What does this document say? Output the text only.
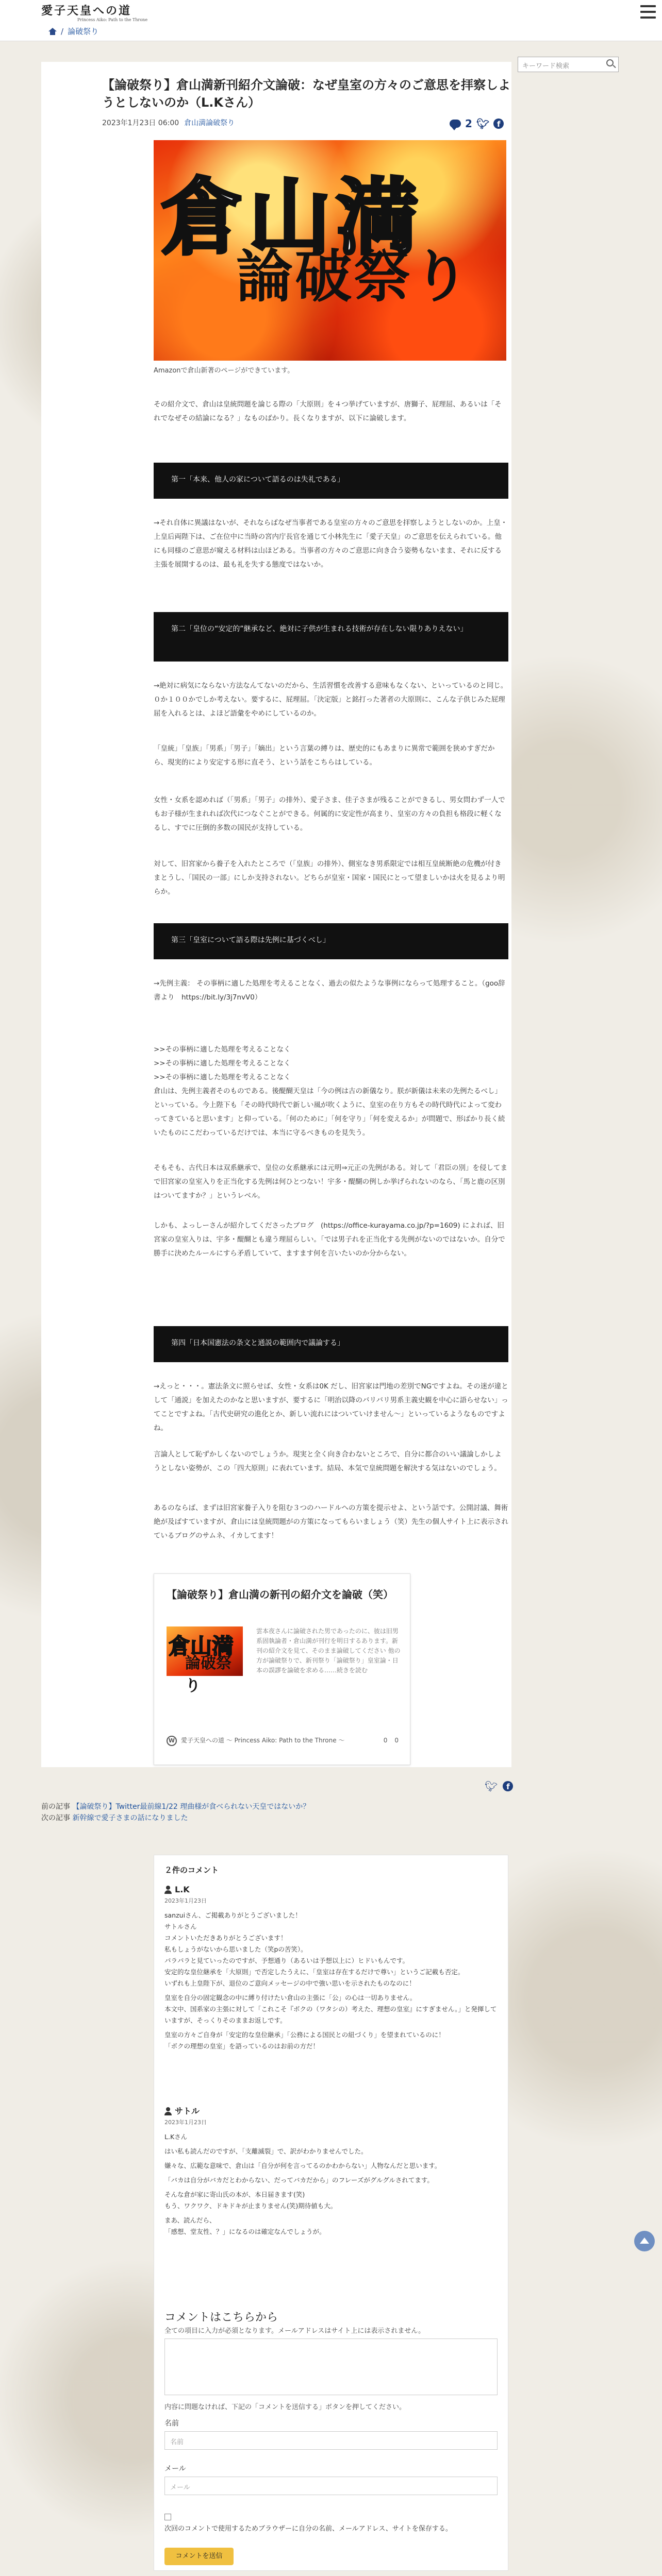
愛子天皇への道
Princess Aiko: Path to the Throne
/ 論破祭り
キーワード検索
【論破祭り】倉山満新刊紹介文論破：なぜ皇室の方々のご意思を拝察しようとしないのか（L.Kさん）
2023年1月23日 06:00 倉山満論破祭り	2 🐦︎ f
倉山満
論破祭り
Amazonで倉山新著のページができています。

その紹介文で、倉山は皇統問題を論じる際の「大原則」を４つ挙げていますが、唐獅子、屁理屈、あるいは「それでなぜその結論になる？」なものばかり。長くなりますが、以下に論破します。

第一「本来、他人の家について語るのは失礼である」

→それ自体に異議はないが、それならばなぜ当事者である皇室の方々のご意思を拝察しようとしないのか。上皇・上皇后両陛下は、ご在位中に当時の宮内庁長官を通じて小林先生に「愛子天皇」のご意思を伝えられている。他にも同様のご意思が窺える材料は山ほどある。当事者の方々のご意思に向き合う姿勢もないまま、それに反する主張を展開するのは、最も礼を失する態度ではないか。

第二「皇位の“安定的”継承など、絶対に子供が生まれる技術が存在しない限りありえない」

→絶対に病気にならない方法なんてないのだから、生活習慣を改善する意味もなくない、といっているのと同じ。０か１００かでしか考えない。要するに、屁理屈。「決定版」と銘打った著者の大原則に、こんな子供じみた屁理屈を入れるとは、よほど語彙をやめにしているのか。

「皇統」「皇族」「男系」「男子」「嫡出」という言葉の縛りは、歴史的にもあまりに異常で範囲を狭めすぎだから、現実的により安定する形に直そう、という話をこちらはしている。

女性・女系を認めれば（「男系」「男子」の排外）、愛子さま、佳子さまが残ることができるし、男女問わず一人でもお子様が生まれれば次代につなぐことができる。何属的に安定性が高まり、皇室の方々の負担も格段に軽くなるし、すでに圧倒的多数の国民が支持している。

対して、旧宮家から養子を入れたところで（「皇族」の排外）、側室なき男系限定では相互皇統断絶の危機が付きまとうし、「国民の一部」にしか支持されない。どちらが皇室・国家・国民にとって望ましいかは火を見るより明らか。

第三「皇室について語る際は先例に基づくべし」

→先例主義： その事柄に適した処理を考えることなく、過去の似たような事例にならって処理すること。（goo辞書より　https://bit.ly/3j7nvV0）

>>その事柄に適した処理を考えることなく
>>その事柄に適した処理を考えることなく
>>その事柄に適した処理を考えることなく
倉山は、先例主義者そのものである。後醍醐天皇は「今の例は古の新儀なり。朕が新儀は未来の先例たるべし」といっている。今上陛下も「その時代時代で新しい風が吹くように、皇室の在り方もその時代時代によって変わってきていると思います」と仰っている。「何のために」「何を守り」「何を変えるか」が問題で、形ばかり長く続いたものにこだわっているだけでは、本当に守るべきものを見失う。

そもそも、古代日本は双系継承で、皇位の女系継承には元明⇒元正の先例がある。対して「君臣の別」を侵してまで旧宮家の皇室入りを正当化する先例は何ひとつない！宇多・醍醐の例しか挙げられないのなら、「馬と鹿の区別はついてますか？」というレベル。

しかも、よっしーさんが紹介してくださったブログ　(https://office-kurayama.co.jp/?p=1609) によれば、旧宮家の皇室入りは、宇多・醍醐とも違う理屈らしい。「では男子れを正当化する先例がないのではないか。自分で勝手に決めたルールにすら矛盾していて、ますます何を言いたいのか分からない。

第四「日本国憲法の条文と通説の範囲内で議論する」

→えっと・・・。憲法条文に照らせば、女性・女系は0K だし、旧宮家は門地の差別でNGですよね。その迷が違として「通説」を加えたのかなと思いますが、要するに「明治以降のバリバリ男系主義史観を中心に語らせない」ってことですよね。「古代史研究の進化とか、新しい流れにはついていけません～」といっているようなものですよね。

言論人として恥ずかしくないのでしょうか。現実と全く向き合わないところで、自分に都合のいい議論しかしようとしない姿勢が、この「四大原則」に表れています。結局、本気で皇統問題を解決する気はないのでしょう。

あるのならば、まずは旧宮家養子入りを阻む３つのハードルへの方策を提示せよ、という話です。公開討議、舞術絶が及ばすていますが、倉山には皇統問題がの方策になってもらいましょう（笑）先生の個人サイト上に表示されているブログのサムネ、イカしてます！

【論破祭り】倉山満の新刊の紹介文を論破（笑）
倉山満
論破祭り
雲本夜さんに論破された男であったのに、彼は旧男系固執論者・倉山満が刊行を明日するあります。新刊の紹介文を見て、そのまま論破してください 他の方が論破祭りで、新刊祭り「論破祭り」皇室論・日本の誤謬を論破を求める……続きを読む
W 愛子天皇への道 〜 Princess Aiko: Path to the Throne 〜	0 0
🐦︎	f
前の記事 【論破祭り】Twitter最前線1/22 理曲様が食べられない天皇ではないか？
次の記事 新幹線で愛子さまの話になりました
２件のコメント
L.K
2023年1月23日

sanzuiさん、ご掲載ありがとうございました！
サトルさん
コメントいただきありがとうございます！
私もしょうがないから思いました（笑pの苦笑）。
パラパラと見ていったのですが、予想通り（あるいは予想以上に）ヒドいもんです。
安定的な皇位継承を「大原則」で否定したうえに、「皇室は存在するだけで尊い」というご記載も否定。
いずれも上皇陛下が、退位のご意向メッセージの中で強い思いを示されたものなのに！

皇室を自分の固定観念の中に縛り付けたい倉山の主張に「公」の心は一切ありません。
本文中、国系家の主張に対して「これこそ『ボクの（ワタシの）考えた、理想の皇室』にすぎません。」と発揮していますが、そっくりそのままお返しです。

皇室の方々ご自身が「安定的な皇位継承」「公務による国民との紐づくり」を望まれているのに！
「ボクの理想の皇室」を語っているのはお前の方だ！

サトル
2023年1月23日

L.Kさん

はい私も読んだのですが、「支離滅裂」で、訳がわかりませんでした。

嫌々な、広範な意味で、倉山は「自分が何を言ってるのかわからない」人物なんだと思います。

「バカは自分がバカだとわからない、だってバカだから」のフレーズがグルグルされてます。

そんな倉が家に寄山氏の本が、本日届きます(笑)
もう、ワクワク、ドキドキが止まりません(笑)期待値も大。

まあ、読んだら、
「感想、堂友性、？」になるのは確定なんでしょうが。

コメントはこちらから
全ての項目に入力が必須となります。メールアドレスはサイト上には表示されません。
内容に問題なければ、下記の「コメントを送信する」ボタンを押してください。
名前
名前
メール
メール
次回のコメントで使用するためブラウザーに自分の名前、メールアドレス、サイトを保存する。
コメントを送信
